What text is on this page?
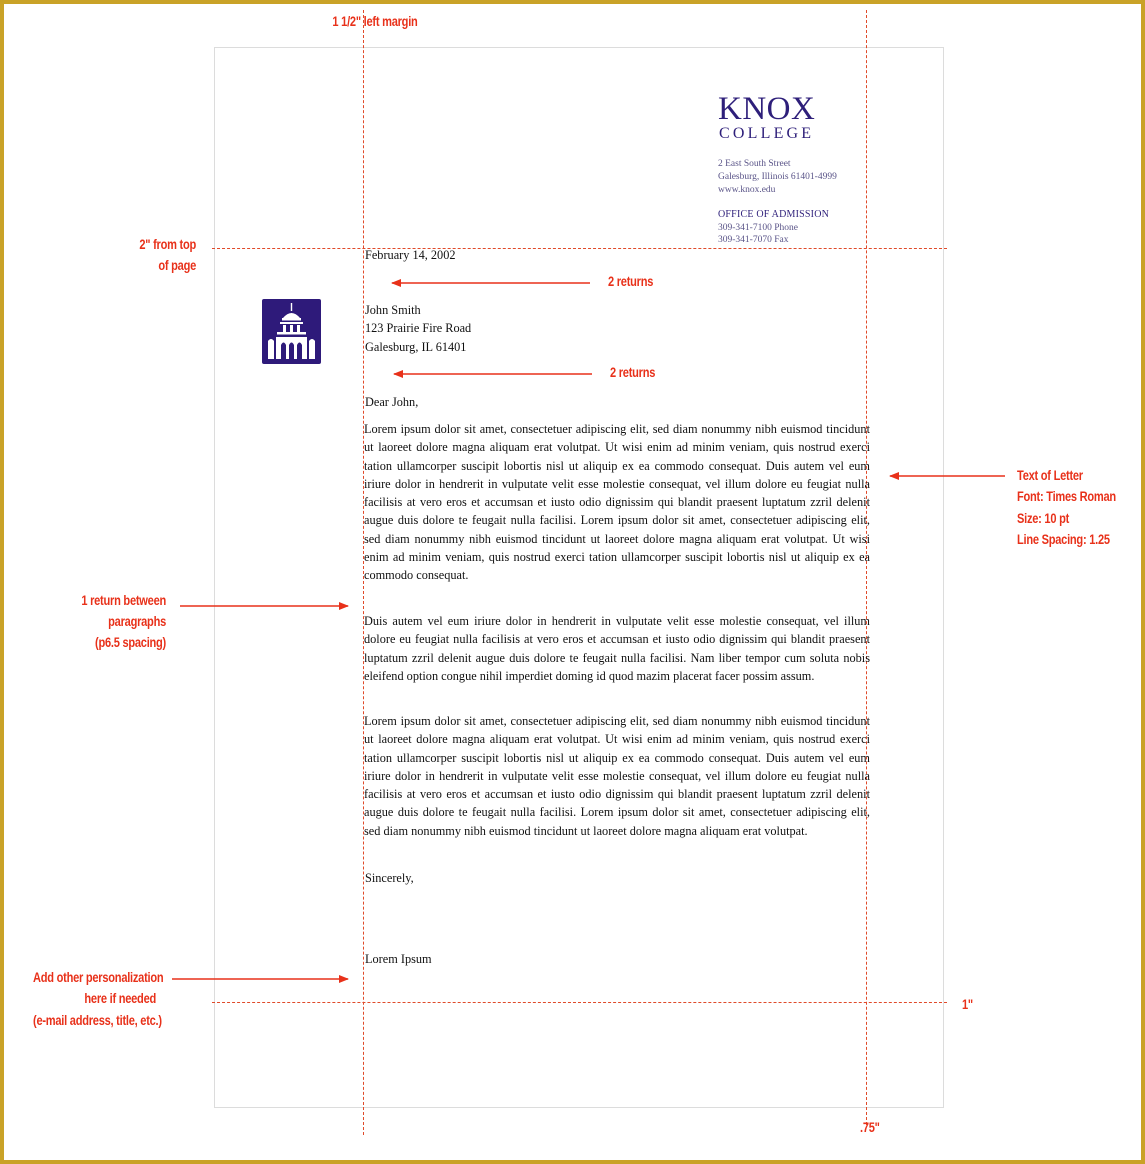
1 1/2" left margin
2" from top
of page
2 returns
2 returns
Text of Letter
Font: Times Roman
Size: 10 pt
Line Spacing: 1.25
1 return between
paragraphs
(p6.5 spacing)
Add other personalization
here if needed
(e-mail address, title, etc.)
1"
.75"
KNOX
COLLEGE
2 East South Street
Galesburg, Illinois 61401-4999
www.knox.edu
OFFICE OF ADMISSION
309-341-7100 Phone
309-341-7070 Fax
February 14, 2002
John Smith
123 Prairie Fire Road
Galesburg, IL 61401
Dear John,
Lorem ipsum dolor sit amet, consectetuer adipiscing elit, sed diam nonummy nibh euismod tincidunt ut laoreet dolore magna aliquam erat volutpat. Ut wisi enim ad minim veniam, quis nostrud exerci tation ullamcorper suscipit lobortis nisl ut aliquip ex ea commodo consequat. Duis autem vel eum iriure dolor in hendrerit in vulputate velit esse molestie consequat, vel illum dolore eu feugiat nulla facilisis at vero eros et accumsan et iusto odio dignissim qui blandit praesent luptatum zzril delenit augue duis dolore te feugait nulla facilisi. Lorem ipsum dolor sit amet, consectetuer adipiscing elit, sed diam nonummy nibh euismod tincidunt ut laoreet dolore magna aliquam erat volutpat. Ut wisi enim ad minim veniam, quis nostrud exerci tation ullamcorper suscipit lobortis nisl ut aliquip ex ea commodo consequat.
Duis autem vel eum iriure dolor in hendrerit in vulputate velit esse molestie consequat, vel illum dolore eu feugiat nulla facilisis at vero eros et accumsan et iusto odio dignissim qui blandit praesent luptatum zzril delenit augue duis dolore te feugait nulla facilisi. Nam liber tempor cum soluta nobis eleifend option congue nihil imperdiet doming id quod mazim placerat facer possim assum.
Lorem ipsum dolor sit amet, consectetuer adipiscing elit, sed diam nonummy nibh euismod tincidunt ut laoreet dolore magna aliquam erat volutpat. Ut wisi enim ad minim veniam, quis nostrud exerci tation ullamcorper suscipit lobortis nisl ut aliquip ex ea commodo consequat. Duis autem vel eum iriure dolor in hendrerit in vulputate velit esse molestie consequat, vel illum dolore eu feugiat nulla facilisis at vero eros et accumsan et iusto odio dignissim qui blandit praesent luptatum zzril delenit augue duis dolore te feugait nulla facilisi. Lorem ipsum dolor sit amet, consectetuer adipiscing elit, sed diam nonummy nibh euismod tincidunt ut laoreet dolore magna aliquam erat volutpat.
Sincerely,
Lorem Ipsum
